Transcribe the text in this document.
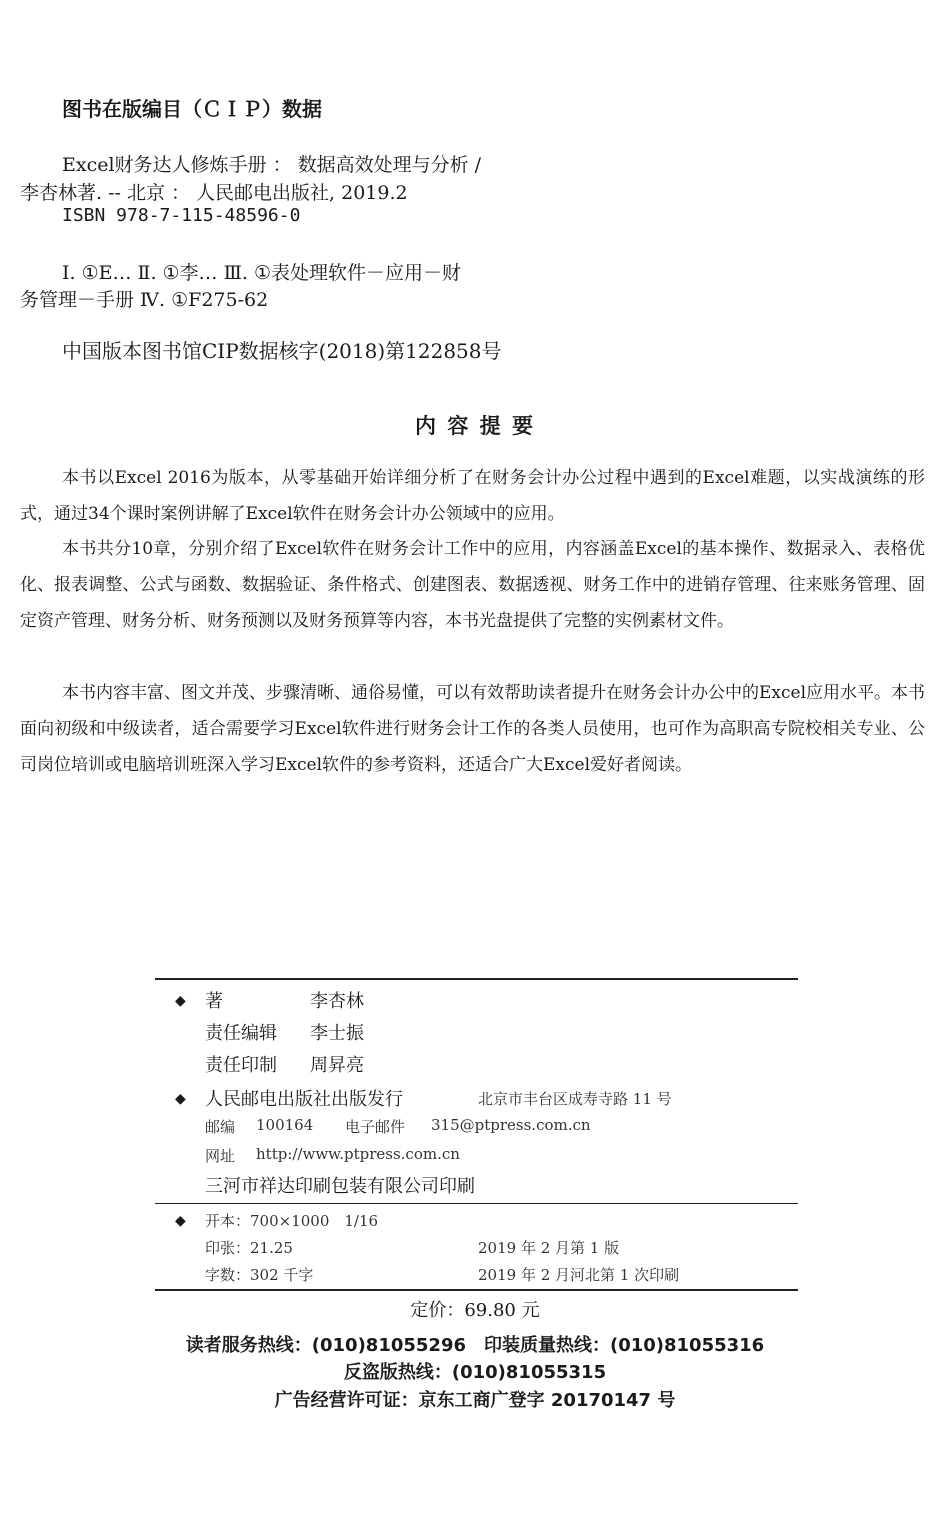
图书在版编目（ＣＩＰ）数据
Excel财务达人修炼手册 ： 数据高效处理与分析 /
李杏林著. -- 北京 ： 人民邮电出版社, 2019.2
ISBN 978-7-115-48596-0
Ⅰ. ①E… Ⅱ. ①李… Ⅲ. ①表处理软件－应用－财
务管理－手册 Ⅳ. ①F275-62
中国版本图书馆CIP数据核字(2018)第122858号
内 容 提 要
本书以Excel 2016为版本，从零基础开始详细分析了在财务会计办公过程中遇到的Excel难题，以实战演练的形式，通过34个课时案例讲解了Excel软件在财务会计办公领域中的应用。
本书共分10章，分别介绍了Excel软件在财务会计工作中的应用，内容涵盖Excel的基本操作、数据录入、表格优化、报表调整、公式与函数、数据验证、条件格式、创建图表、数据透视、财务工作中的进销存管理、往来账务管理、固定资产管理、财务分析、财务预测以及财务预算等内容，本书光盘提供了完整的实例素材文件。
本书内容丰富、图文并茂、步骤清晰、通俗易懂，可以有效帮助读者提升在财务会计办公中的Excel应用水平。本书面向初级和中级读者，适合需要学习Excel软件进行财务会计工作的各类人员使用，也可作为高职高专院校相关专业、公司岗位培训或电脑培训班深入学习Excel软件的参考资料，还适合广大Excel爱好者阅读。
◆ 著	李杏林
责任编辑 李士振
责任印制 周昇亮
◆ 人民邮电出版社出版发行	北京市丰台区成寿寺路 11 号
邮编 100164 电子邮件 315@ptpress.com.cn
网址 http://www.ptpress.com.cn
三河市祥达印刷包装有限公司印刷
◆ 开本：700×1000　1/16
印张：21.25	2019 年 2 月第 1 版
字数：302 千字	2019 年 2 月河北第 1 次印刷
定价：69.80 元
读者服务热线：(010)81055296　印装质量热线：(010)81055316
反盗版热线：(010)81055315
广告经营许可证：京东工商广登字 20170147 号
